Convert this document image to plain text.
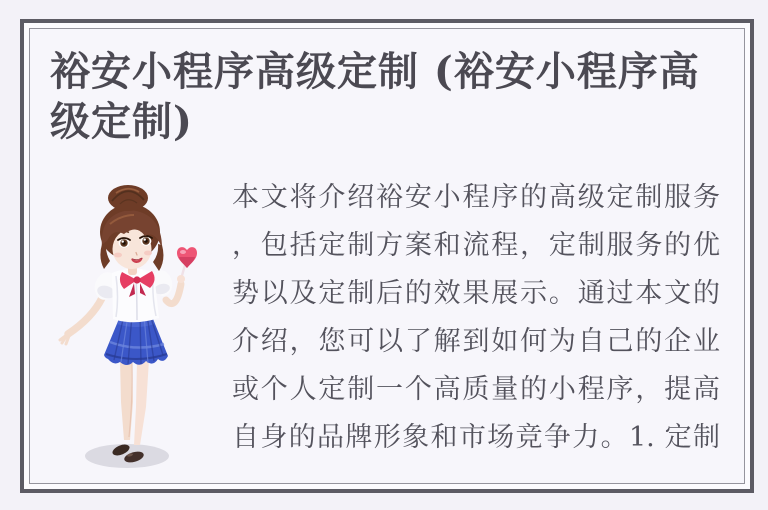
裕安小程序高级定制 (裕安小程序高级定制)
本文将介绍裕安小程序的高级定制服务
，包括定制方案和流程，定制服务的优
势以及定制后的效果展示。通过本文的
介绍，您可以了解到如何为自己的企业
或个人定制一个高质量的小程序，提高
自身的品牌形象和市场竞争力。1. 定制
